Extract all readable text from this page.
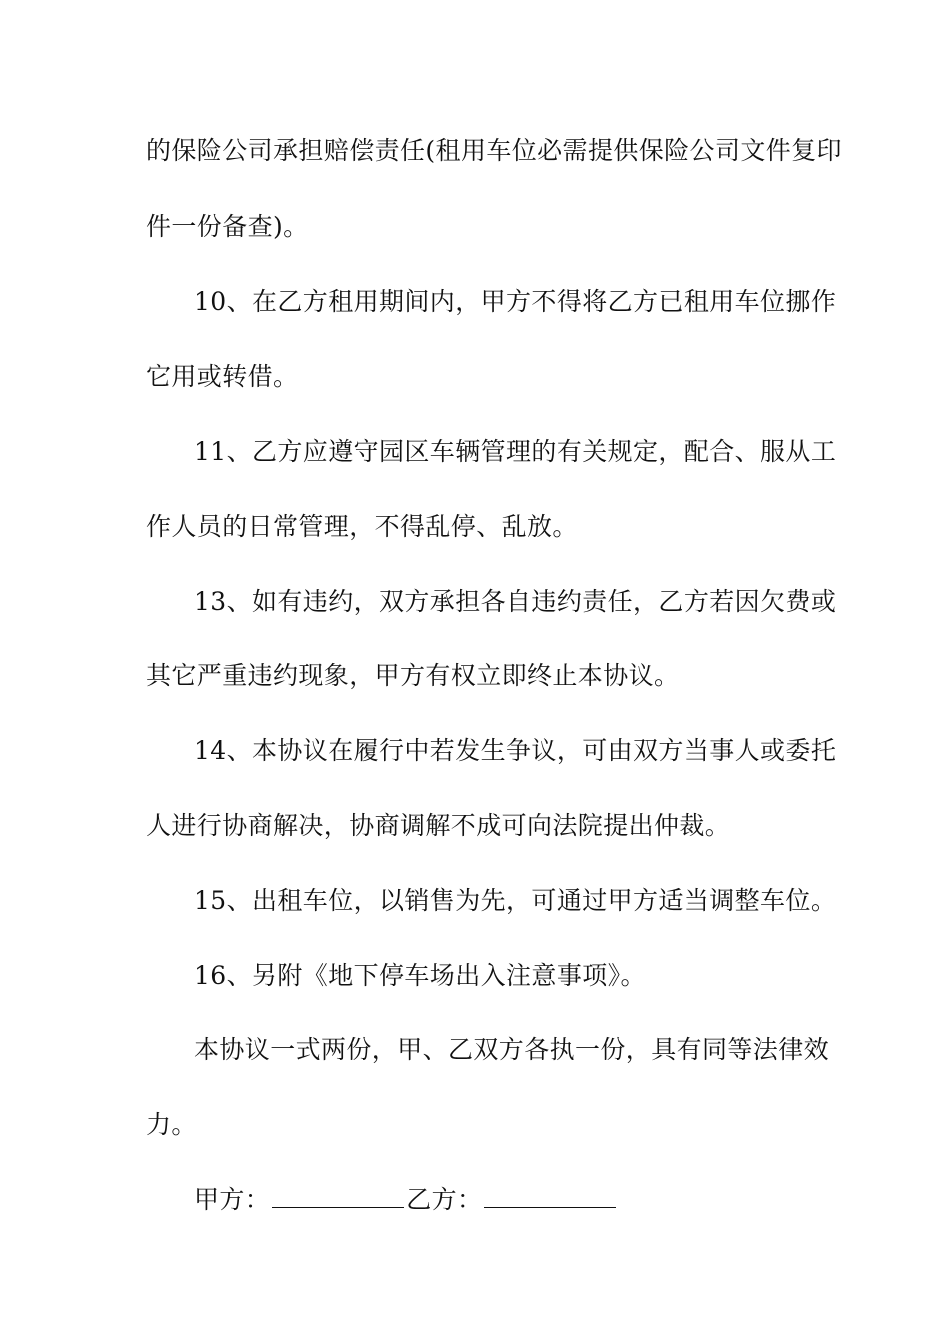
的保险公司承担赔偿责任(租用车位必需提供保险公司文件复印
件一份备查)。
10、在乙方租用期间内，甲方不得将乙方已租用车位挪作
它用或转借。
11、乙方应遵守园区车辆管理的有关规定，配合、服从工
作人员的日常管理，不得乱停、乱放。
13、如有违约，双方承担各自违约责任，乙方若因欠费或
其它严重违约现象，甲方有权立即终止本协议。
14、本协议在履行中若发生争议，可由双方当事人或委托
人进行协商解决，协商调解不成可向法院提出仲裁。
15、出租车位，以销售为先，可通过甲方适当调整车位。
16、另附《地下停车场出入注意事项》。
本协议一式两份，甲、乙双方各执一份，具有同等法律效
力。
甲方：	乙方：
